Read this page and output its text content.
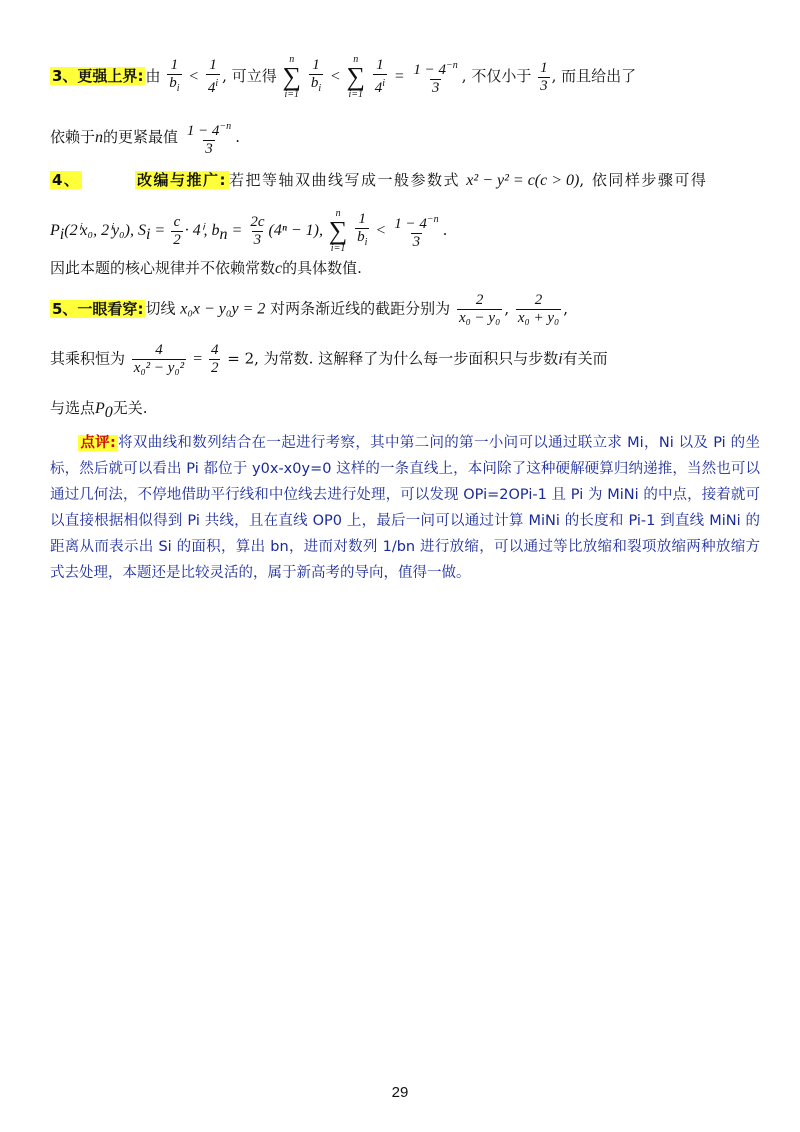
3、更强上界: 由 $\frac{1}{b_i} < \frac{1}{4^i}$ , 可立得
n
∑
i=1
$\frac{1}{b_i}$ <
n
∑
i=1
$\frac{1}{4^i} = \frac{1 - 4^{-n}}{3}$ , 不仅小于 $\frac{1}{3}$ , 而且给出了
依赖于n的更紧最值 $\frac{1 - 4^{-n}}{3}$ .
4、	改编与推广: 若把等轴双曲线写成一般参数式 x² − y² = c(c > 0), 依同样步骤可得
$P_i(2^ix_0$, 2ⁱy₀), $S_i = \frac{c}{2} \cdot 4^i$, $b_n = \frac{2c}{3} (4^n - 1)$,
n
∑
i=1
$\frac{1}{b_i} < \frac{1 - 4^{-n}}{3}$ .
因此本题的核心规律并不依赖常数c的具体数值.
5、一眼看穿: 切线 x₀x − y₀y = 2 对两条渐近线的截距分别为 $\frac{2}{\text{x₀ − y₀}}$ , $\frac{2}{\text{x₀ + y₀}}$ ,
其乘积恒为 $\frac{4}{\text{x₀² − y₀²}} = \frac{4}{2} = 2$, 为常数. 这解释了为什么每一步面积只与步数i有关而
与选点$P_0$无关.
点评: 将双曲线和数列结合在一起进行考察，其中第二问的第一小问可以通过联立求 Mi，Ni 以及 Pi 的坐标，然后就可以看出 Pi 都位于 y0x-x0y=0 这样的一条直线上，本问除了这种硬解硬算归纳递推，当然也可以通过几何法，不停地借助平行线和中位线去进行处理，可以发现 OPi=2OPi-1 且 Pi 为 MiNi 的中点，接着就可以直接根据相似得到 Pi 共线，且在直线 OP0 上，最后一问可以通过计算 MiNi 的长度和 Pi-1 到直线 MiNi 的距离从而表示出 Si 的面积，算出 bn，进而对数列 1/bn 进行放缩，可以通过等比放缩和裂项放缩两种放缩方式去处理，本题还是比较灵活的，属于新高考的导向，值得一做。
29
